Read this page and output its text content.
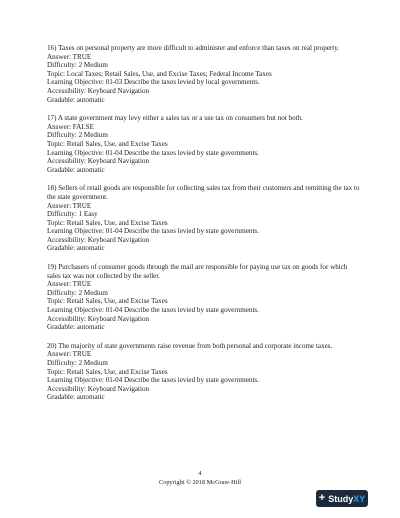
16) Taxes on personal property are more difficult to administer and enforce than taxes on real property.

Answer: TRUE

Difficulty: 2 Medium

Topic: Local Taxes; Retail Sales, Use, and Excise Taxes; Federal Income Taxes

Learning Objective: 01-03 Describe the taxes levied by local governments.

Accessibility: Keyboard Navigation

Gradable: automatic

17) A state government may levy either a sales tax or a use tax on consumers but not both.

Answer: FALSE

Difficulty: 2 Medium

Topic: Retail Sales, Use, and Excise Taxes

Learning Objective: 01-04 Describe the taxes levied by state governments.

Accessibility: Keyboard Navigation

Gradable: automatic

18) Sellers of retail goods are responsible for collecting sales tax from their customers and remitting the tax to the state government.

Answer: TRUE

Difficulty: 1 Easy

Topic: Retail Sales, Use, and Excise Taxes

Learning Objective: 01-04 Describe the taxes levied by state governments.

Accessibility: Keyboard Navigation

Gradable: automatic

19) Purchasers of consumer goods through the mail are responsible for paying use tax on goods for which sales tax was not collected by the seller.

Answer: TRUE

Difficulty: 2 Medium

Topic: Retail Sales, Use, and Excise Taxes

Learning Objective: 01-04 Describe the taxes levied by state governments.

Accessibility: Keyboard Navigation

Gradable: automatic

20) The majority of state governments raise revenue from both personal and corporate income taxes.

Answer: TRUE

Difficulty: 2 Medium

Topic: Retail Sales, Use, and Excise Taxes

Learning Objective: 01-04 Describe the taxes levied by state governments.

Accessibility: Keyboard Navigation

Gradable: automatic

4
Copyright © 2018 McGraw-Hill
+ StudyXY
